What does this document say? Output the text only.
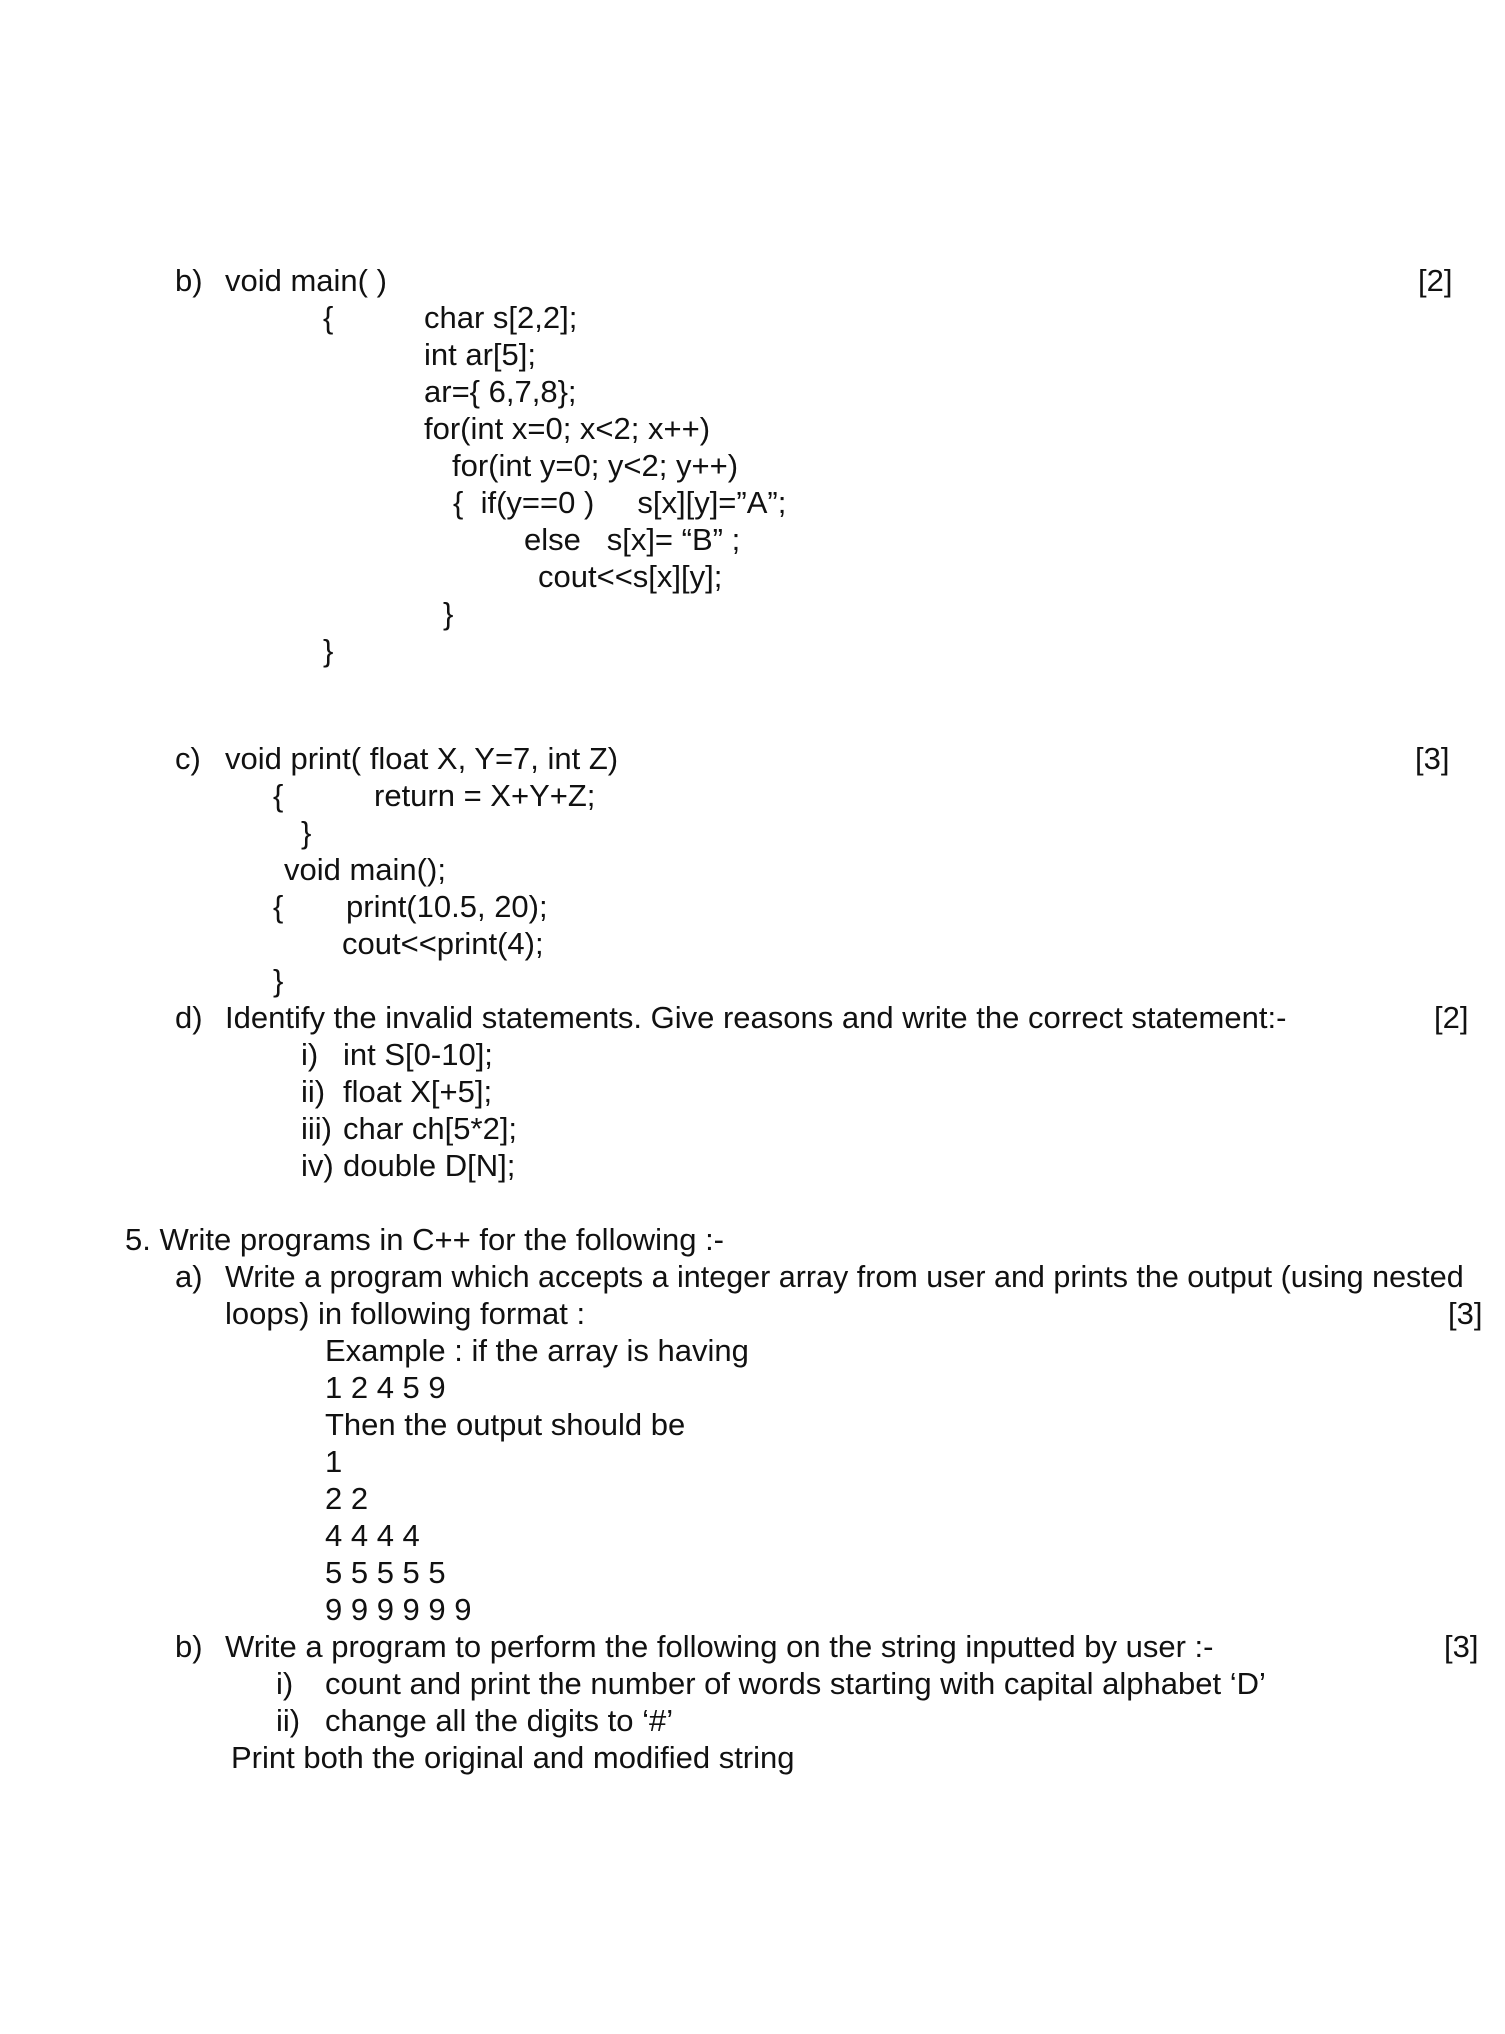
b) void main( )	[2]
{	char s[2,2];
int ar[5];
ar={ 6,7,8};
for(int x=0; x<2; x++)
for(int y=0; y<2; y++)
{  if(y==0 )     s[x][y]=”A”;
else   s[x]= “B” ;
cout<<s[x][y];
}
}
c) void print( float X, Y=7, int Z)	[3]
{	return = X+Y+Z;
}
void main();
{ print(10.5, 20);
cout<<print(4);
}
d) Identify the invalid statements. Give reasons and write the correct statement:-	[2]
i) int S[0-10];
ii) float X[+5];
iii) char ch[5*2];
iv) double D[N];
5. Write programs in C++ for the following :-
a) Write a program which accepts a integer array from user and prints the output (using nested
loops) in following format :	[3]
Example : if the array is having
1 2 4 5 9
Then the output should be
1
2 2
4 4 4 4
5 5 5 5 5
9 9 9 9 9 9
b) Write a program to perform the following on the string inputted by user :-	[3]
i) count and print the number of words starting with capital alphabet ‘D’
ii) change all the digits to ‘#’
Print both the original and modified string
